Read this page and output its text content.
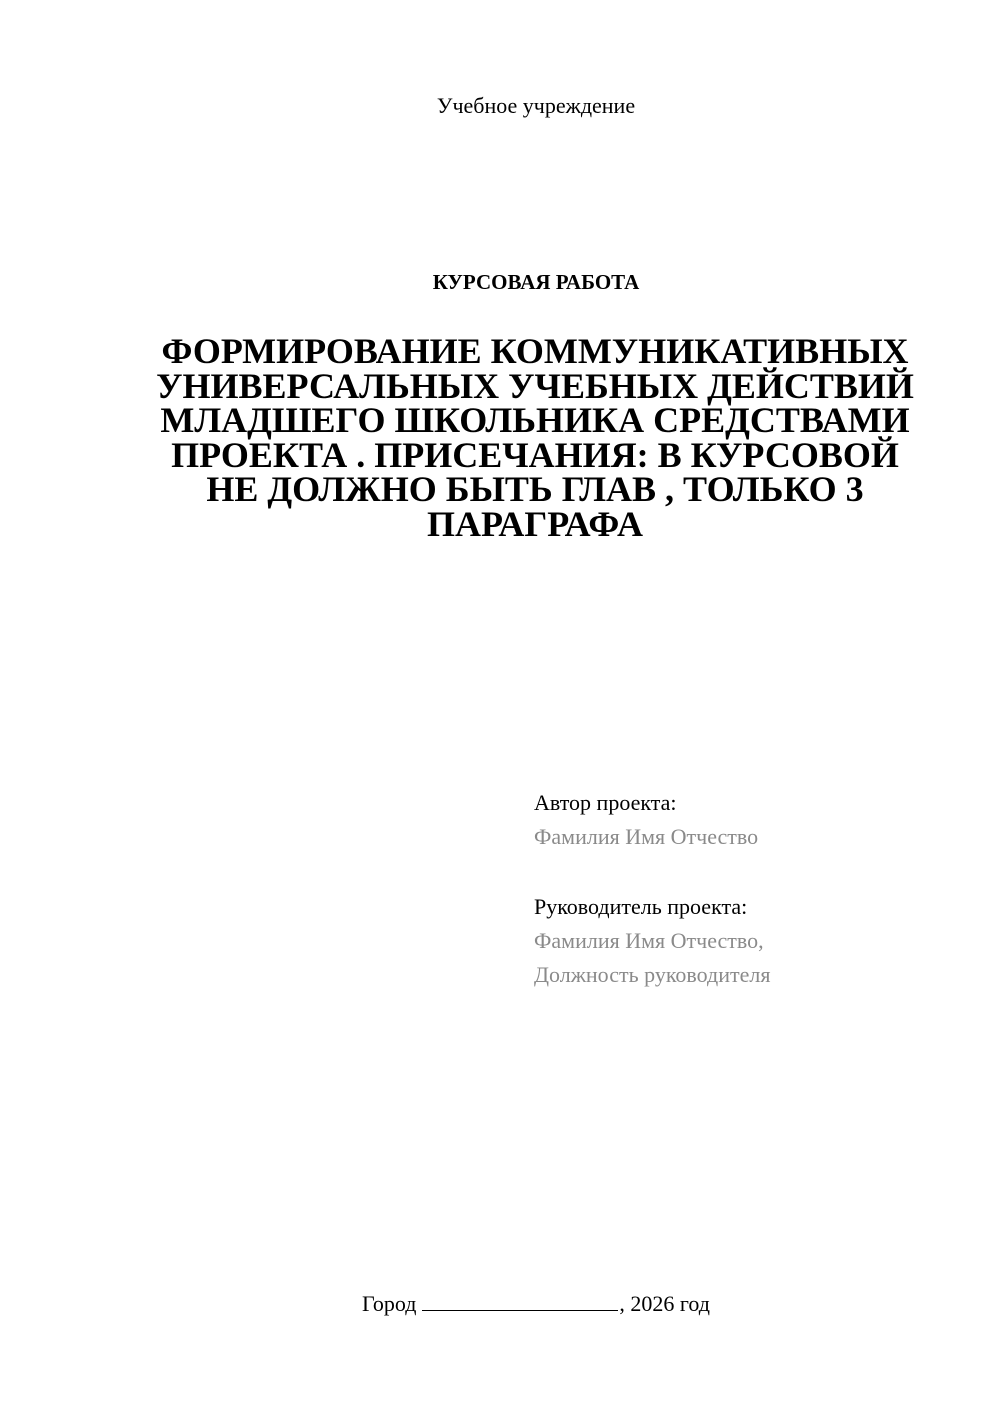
Учебное учреждение
КУРСОВАЯ РАБОТА
ФОРМИРОВАНИЕ КОММУНИКАТИВНЫХ УНИВЕРСАЛЬНЫХ УЧЕБНЫХ ДЕЙСТВИЙ МЛАДШЕГО ШКОЛЬНИКА СРЕДСТВАМИ ПРОЕКТА . ПРИСЕЧАНИЯ: В КУРСОВОЙ НЕ ДОЛЖНО БЫТЬ ГЛАВ , ТОЛЬКО 3 ПАРАГРАФА
Автор проекта:
Фамилия Имя Отчество
Руководитель проекта:
Фамилия Имя Отчество,
Должность руководителя
Город	, 2026 год
